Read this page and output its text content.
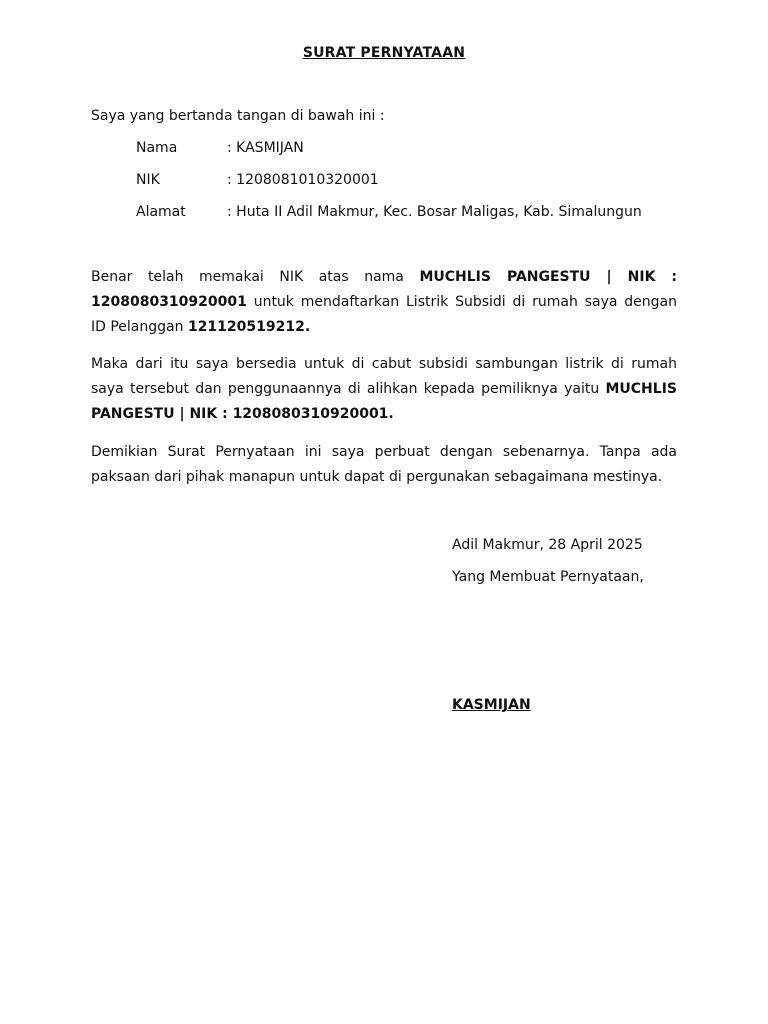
SURAT PERNYATAAN
Saya yang bertanda tangan di bawah ini :
Nama	: KASMIJAN
NIK	: 1208081010320001
Alamat	: Huta II Adil Makmur, Kec. Bosar Maligas, Kab. Simalungun
Benar telah memakai NIK atas nama MUCHLIS PANGESTU | NIK : 1208080310920001 untuk mendaftarkan Listrik Subsidi di rumah saya dengan ID Pelanggan 121120519212.
Maka dari itu saya bersedia untuk di cabut subsidi sambungan listrik di rumah saya tersebut dan penggunaannya di alihkan kepada pemiliknya yaitu MUCHLIS PANGESTU | NIK : 1208080310920001.
Demikian Surat Pernyataan ini saya perbuat dengan sebenarnya. Tanpa ada paksaan dari pihak manapun untuk dapat di pergunakan sebagaimana mestinya.
Adil Makmur, 28 April 2025
Yang Membuat Pernyataan,
KASMIJAN
